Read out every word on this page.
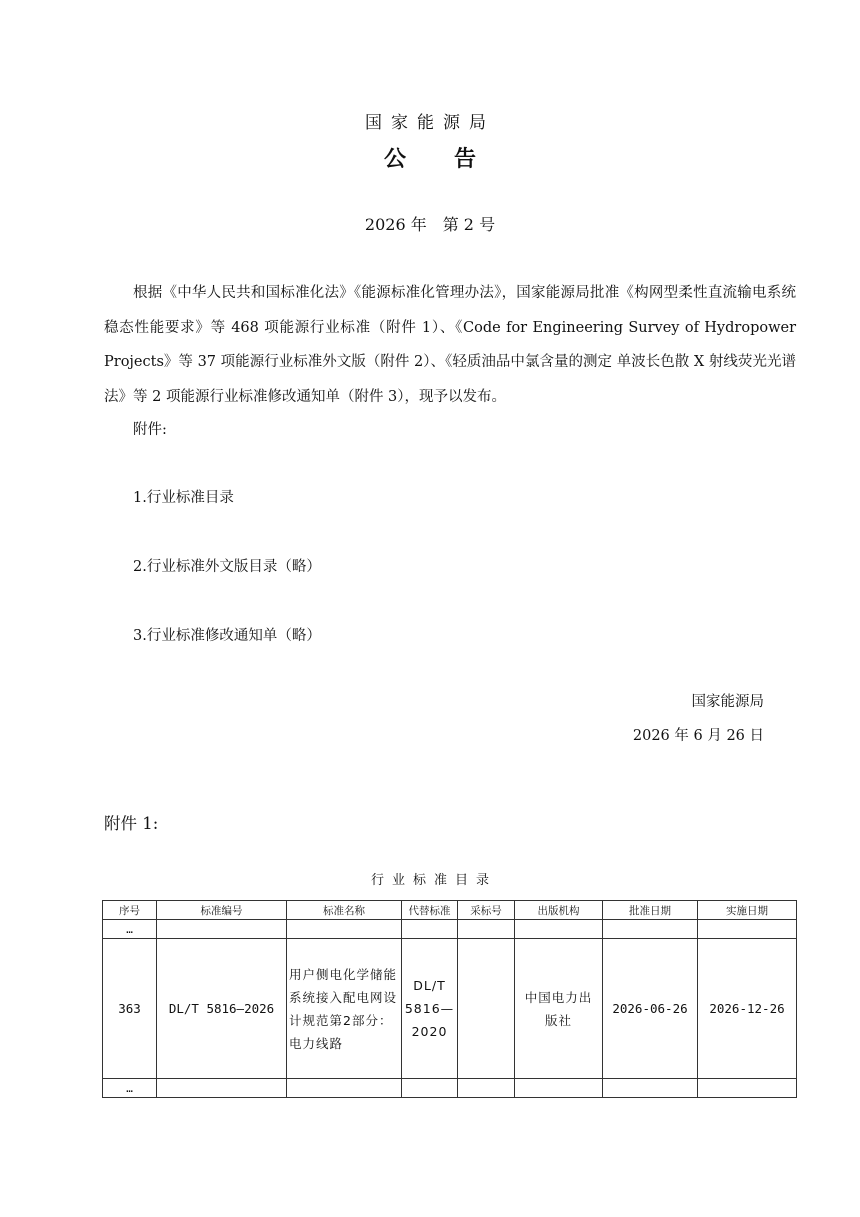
国家能源局
公告
2026 年　第 2 号
根据《中华人民共和国标准化法》《能源标准化管理办法》，国家能源局批准《构网型柔性直流输电系统稳态性能要求》等 468 项能源行业标准（附件 1）、《Code for Engineering Survey of Hydropower Projects》等 37 项能源行业标准外文版（附件 2）、《轻质油品中氯含量的测定 单波长色散 X 射线荧光光谱法》等 2 项能源行业标准修改通知单（附件 3），现予以发布。
附件:
1.行业标准目录
2.行业标准外文版目录（略）
3.行业标准修改通知单（略）
国家能源局
2026 年 6 月 26 日
附件 1:
行业标准目录
序号	标准编号	标准名称	代替标准	采标号	出版机构	批准日期	实施日期
…							
363	DL/T 5816—2026	用户侧电化学储能系统接入配电网设计规范第2部分：电力线路	DL/T
5816—
2020		中国电力出版社	2026-06-26	2026-12-26
…							
